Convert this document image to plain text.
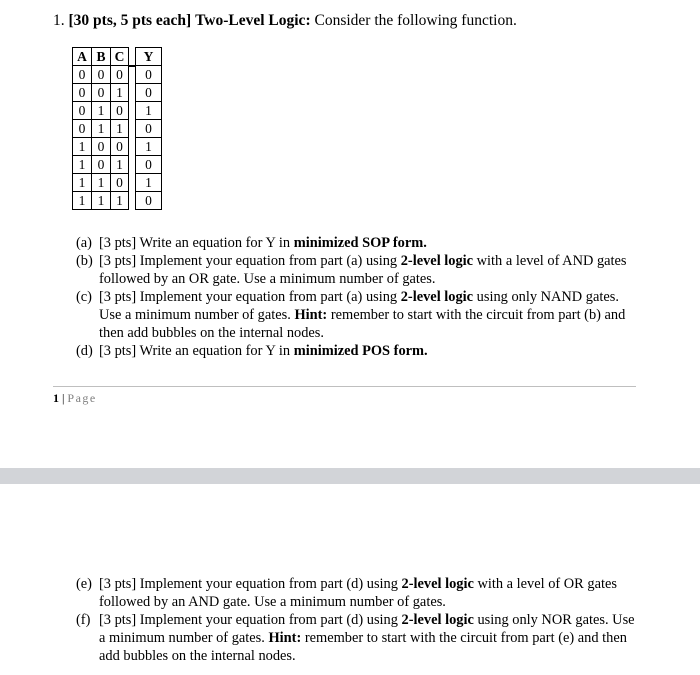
1. [30 pts, 5 pts each] Two-Level Logic: Consider the following function.
A	B	C		Y
0	0	0		0
0	0	1		0
0	1	0		1
0	1	1		0
1	0	0		1
1	0	1		0
1	1	0		1
1	1	1		0
(a) [3 pts] Write an equation for Y in minimized SOP form.
(b) [3 pts] Implement your equation from part (a) using 2-level logic with a level of AND gates followed by an OR gate. Use a minimum number of gates.
(c) [3 pts] Implement your equation from part (a) using 2-level logic using only NAND gates. Use a minimum number of gates. Hint: remember to start with the circuit from part (b) and then add bubbles on the internal nodes.
(d) [3 pts] Write an equation for Y in minimized POS form.
1 | Page
(e) [3 pts] Implement your equation from part (d) using 2-level logic with a level of OR gates followed by an AND gate. Use a minimum number of gates.
(f) [3 pts] Implement your equation from part (d) using 2-level logic using only NOR gates. Use a minimum number of gates. Hint: remember to start with the circuit from part (e) and then add bubbles on the internal nodes.
